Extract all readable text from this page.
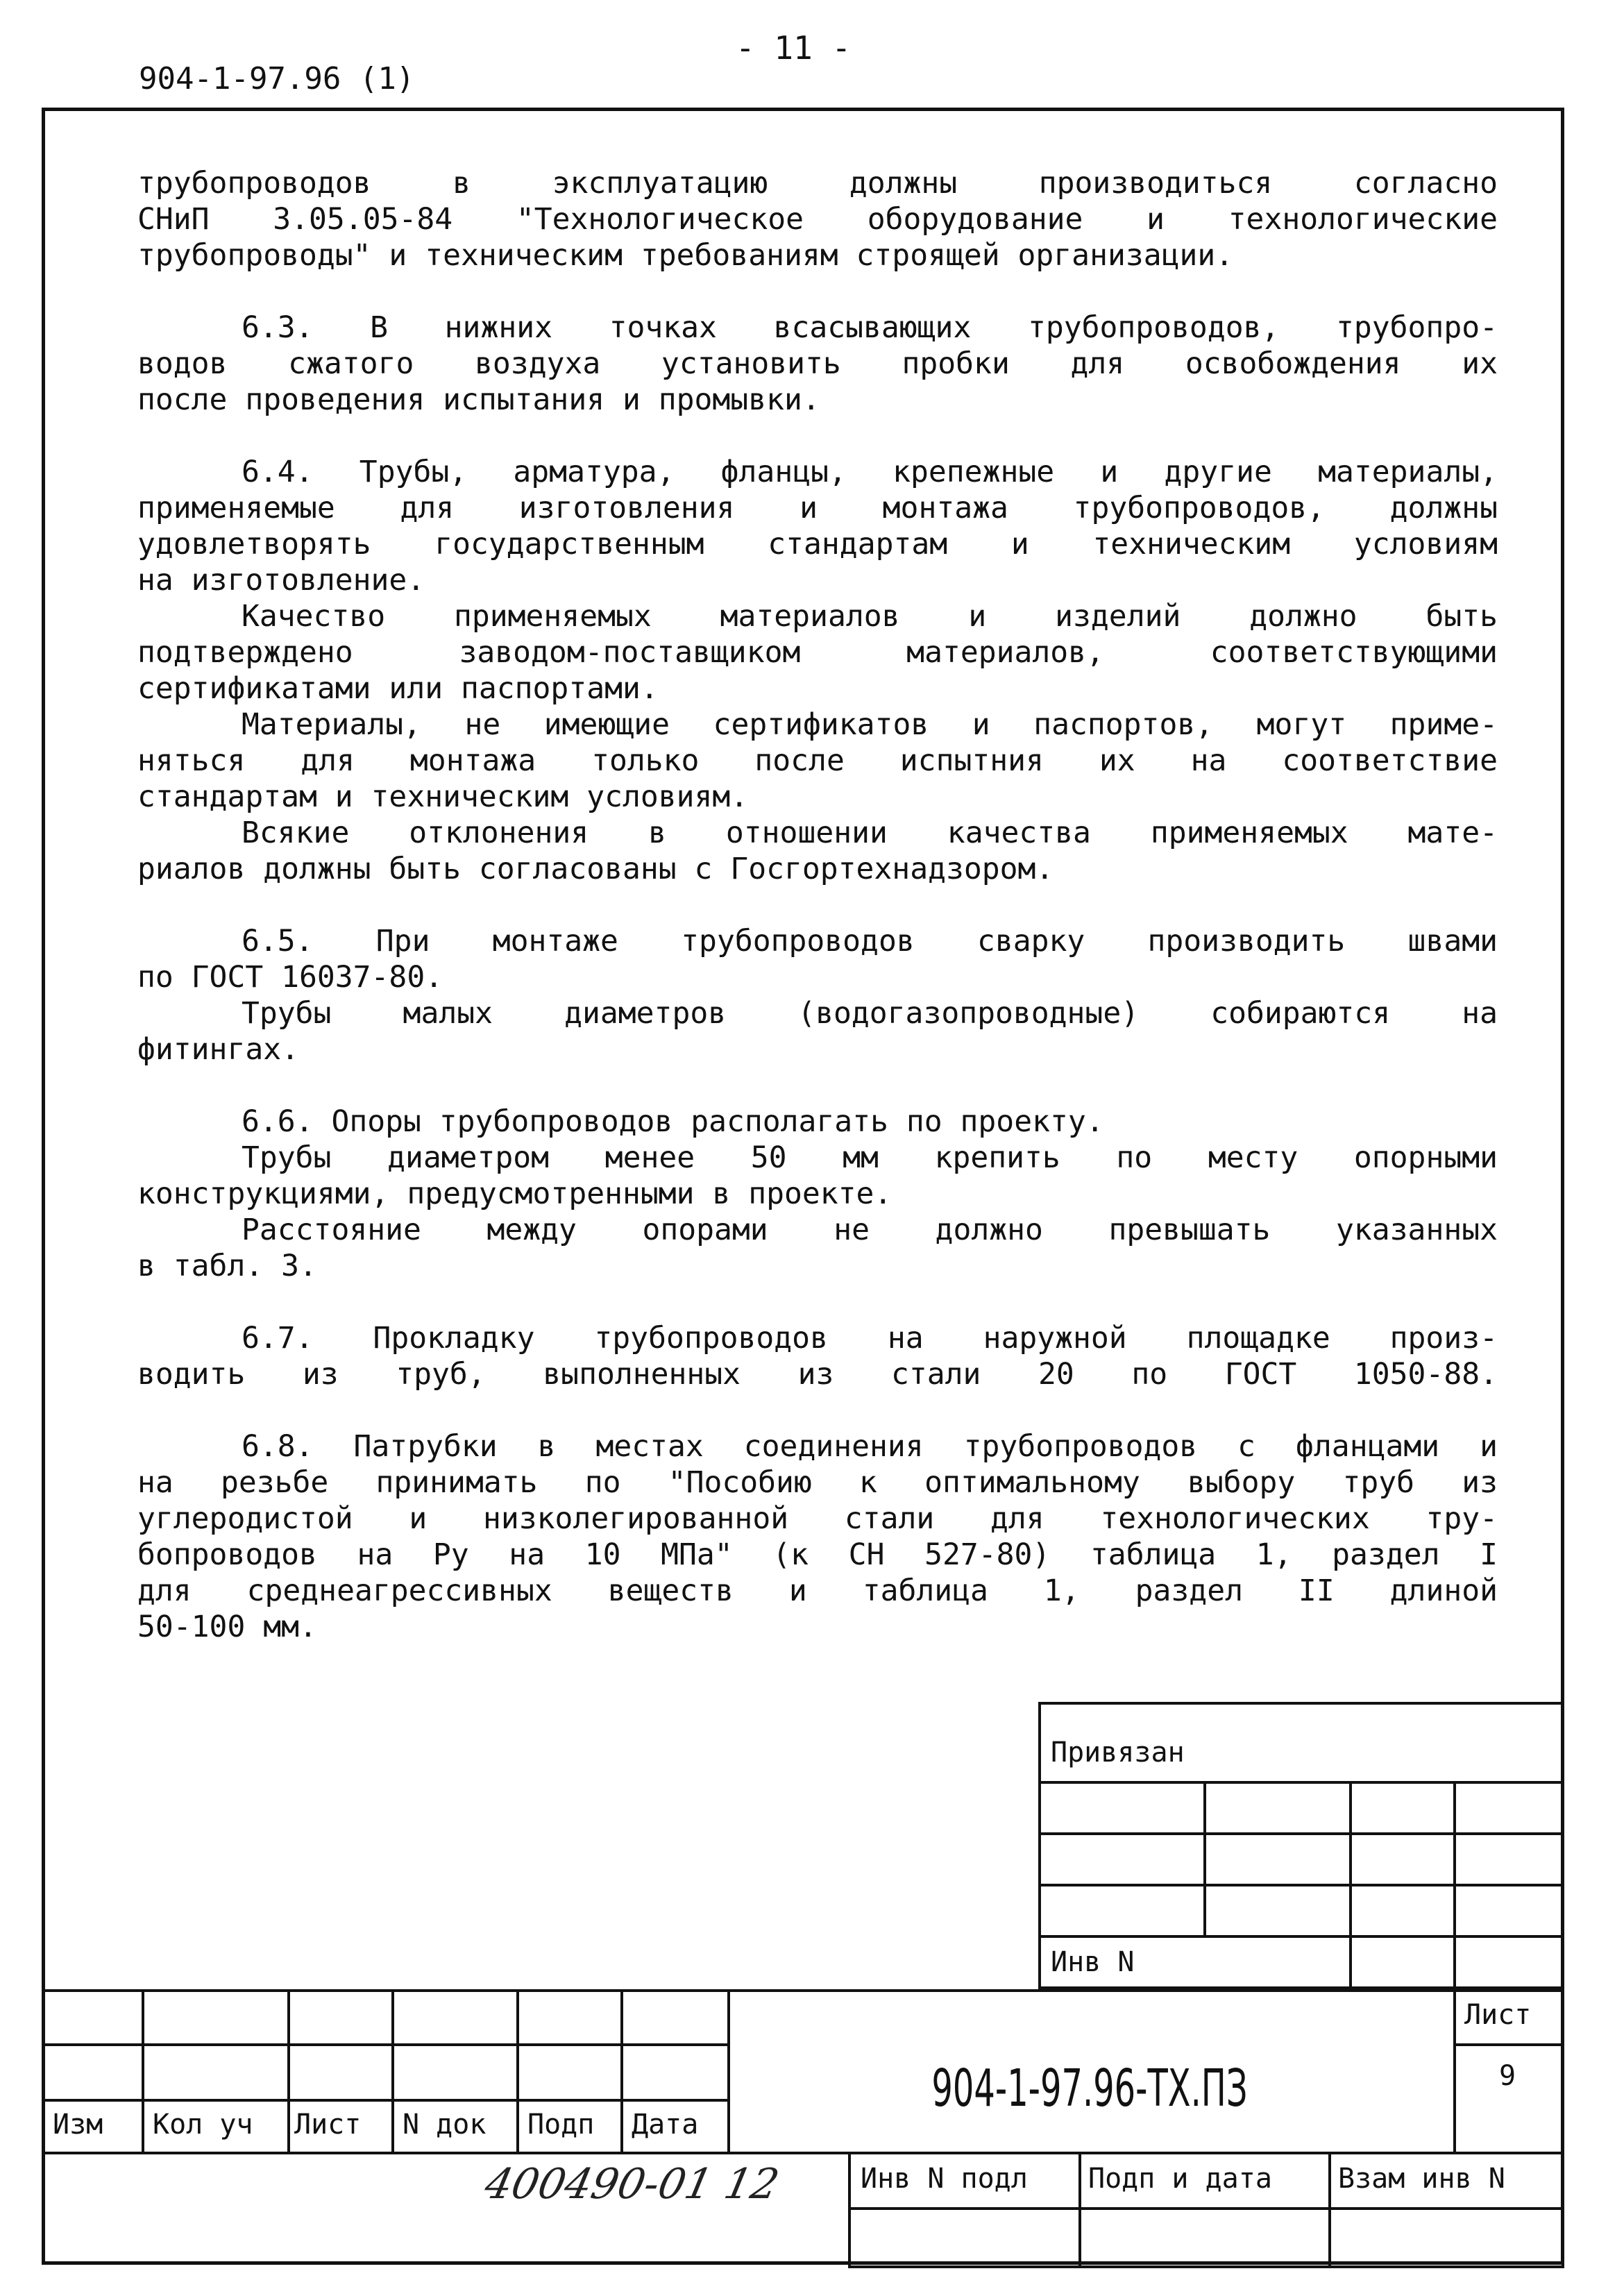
- 11 -
904-1-97.96 (1)
трубопроводов в эксплуатацию должны производиться согласно
СНиП 3.05.05-84 "Технологическое оборудование и технологические
трубопроводы" и техническим требованиям строящей организации.
6.3. В нижних точках всасывающих трубопроводов, трубопро-
водов сжатого воздуха установить пробки для освобождения их
после проведения испытания и промывки.
6.4. Трубы, арматура, фланцы, крепежные и другие материалы,
применяемые для изготовления и монтажа трубопроводов, должны
удовлетворять государственным стандартам и техническим условиям
на изготовление.
Качество применяемых материалов и изделий должно быть
подтверждено заводом-поставщиком материалов, соответствующими
сертификатами или паспортами.
Материалы, не имеющие сертификатов и паспортов, могут приме-
няться для монтажа только после испытния их на соответствие
стандартам и техническим условиям.
Всякие отклонения в отношении качества применяемых мате-
риалов должны быть согласованы с Госгортехнадзором.
6.5. При монтаже трубопроводов сварку производить швами
по ГОСТ 16037-80.
Трубы малых диаметров (водогазопроводные) собираются на
фитингах.
6.6. Опоры трубопроводов располагать по проекту.
Трубы диаметром менее 50 мм крепить по месту опорными
конструкциями, предусмотренными в проекте.
Расстояние между опорами не должно превышать указанных
в табл. 3.
6.7. Прокладку трубопроводов на наружной площадке произ-
водить из труб, выполненных из стали 20 по ГОСТ 1050-88.
6.8. Патрубки в местах соединения трубопроводов с фланцами и
на резьбе принимать по "Пособию к оптимальному выбору труб из
углеродистой и низколегированной стали для технологических тру-
бопроводов на Ру на 10 МПа" (к СН 527-80) таблица 1, раздел I
для среднеагрессивных веществ и таблица 1, раздел II длиной
50-100 мм.
Привязан
Инв N
Изм Кол уч Лист N док Подп Дата
904-1-97.96-ТХ.ПЗ
Лист
9
Инв N подл Подп и дата Взам инв N
400490-01 12
